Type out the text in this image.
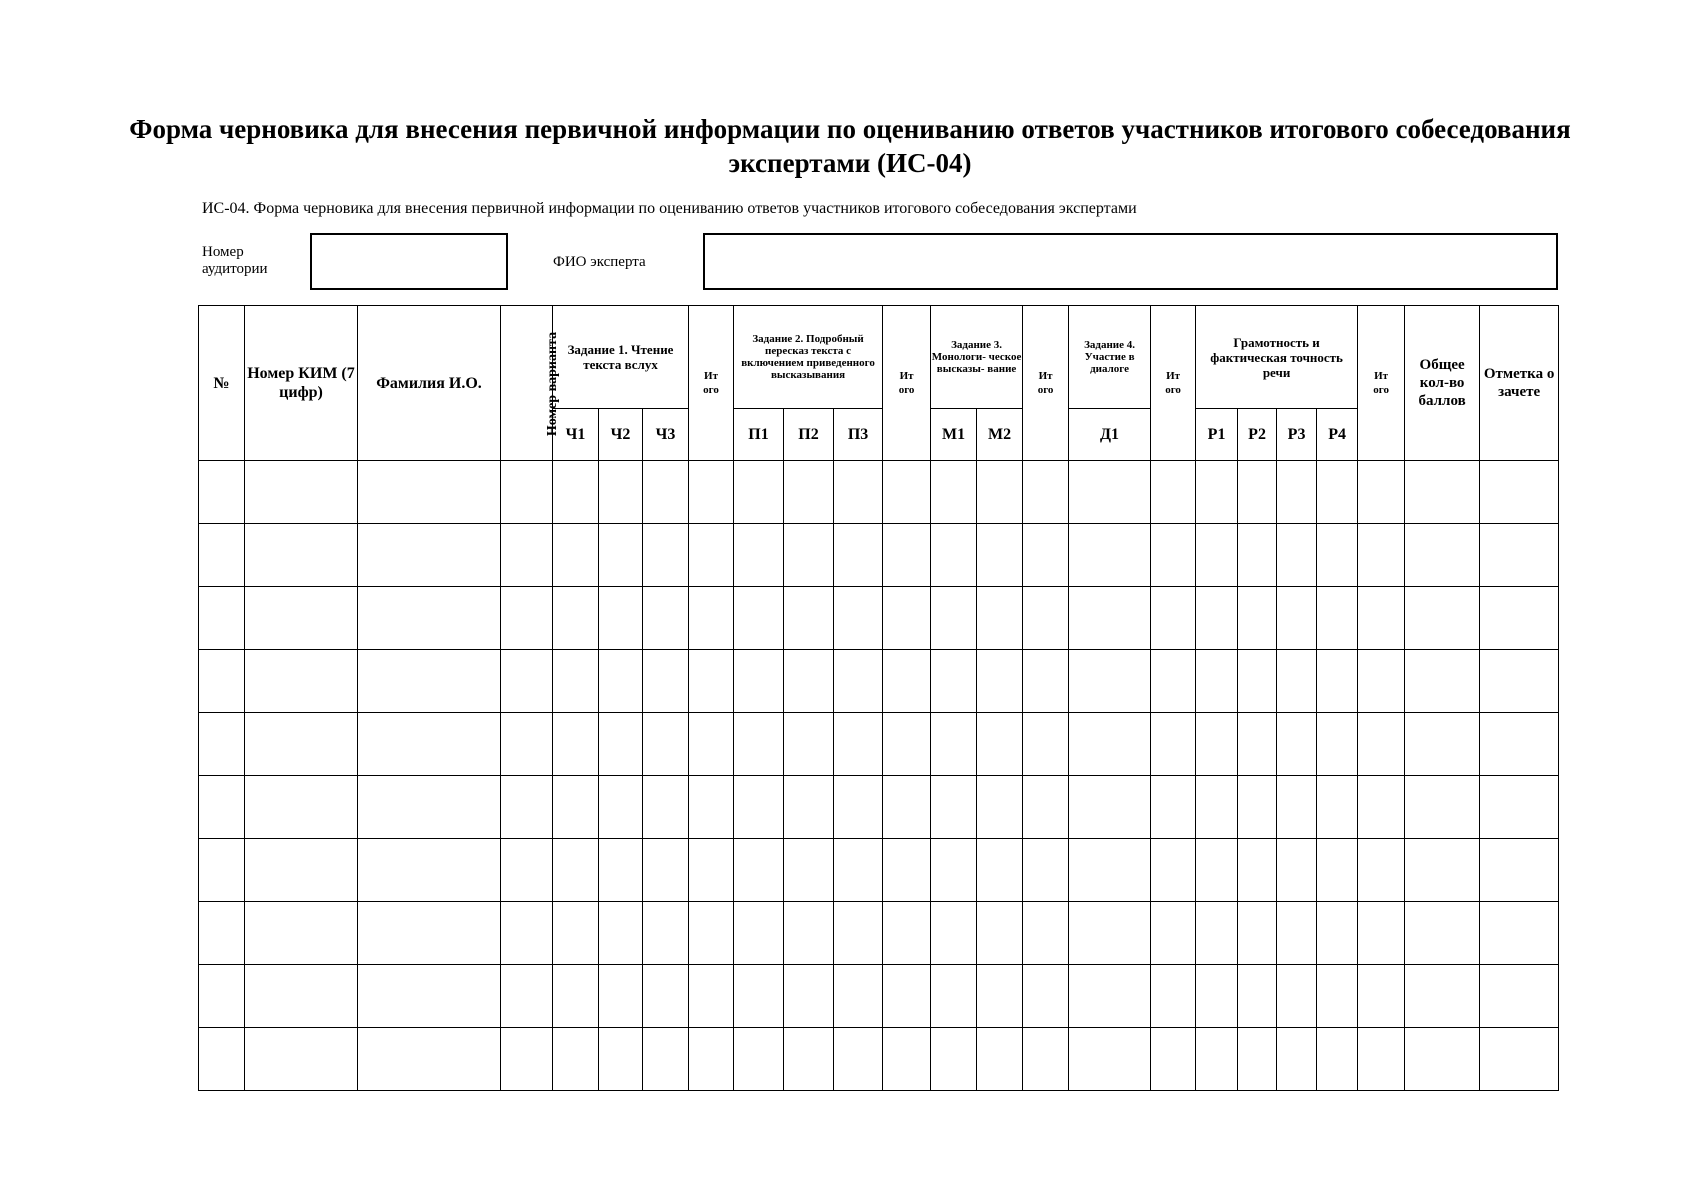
Форма черновика для внесения первичной информации по оцениванию ответов участников итогового собеседования
экспертами (ИС-04)
ИС-04. Форма черновика для внесения первичной информации по оцениванию ответов участников итогового собеседования экспертами
Номер аудитории	ФИО эксперта
№	Номер КИМ (7 цифр)	Фамилия И.О.	Номер варианта	Задание 1. Чтение текста вслух			Итого	Задание 2. Подробный пересказ текста с включением приведенного высказывания			Итого	Задание 3. Монологи- ческое высказы- вание		Итого	Задание 4. Участие в диалоге	Итого	Грамотность и фактическая точность речи				Итого	Общее кол-во баллов	Отметка о зачете
				Ч1	Ч2	Ч3		П1	П2	П3		М1	М2		Д1		Р1	Р2	Р3	Р4			
